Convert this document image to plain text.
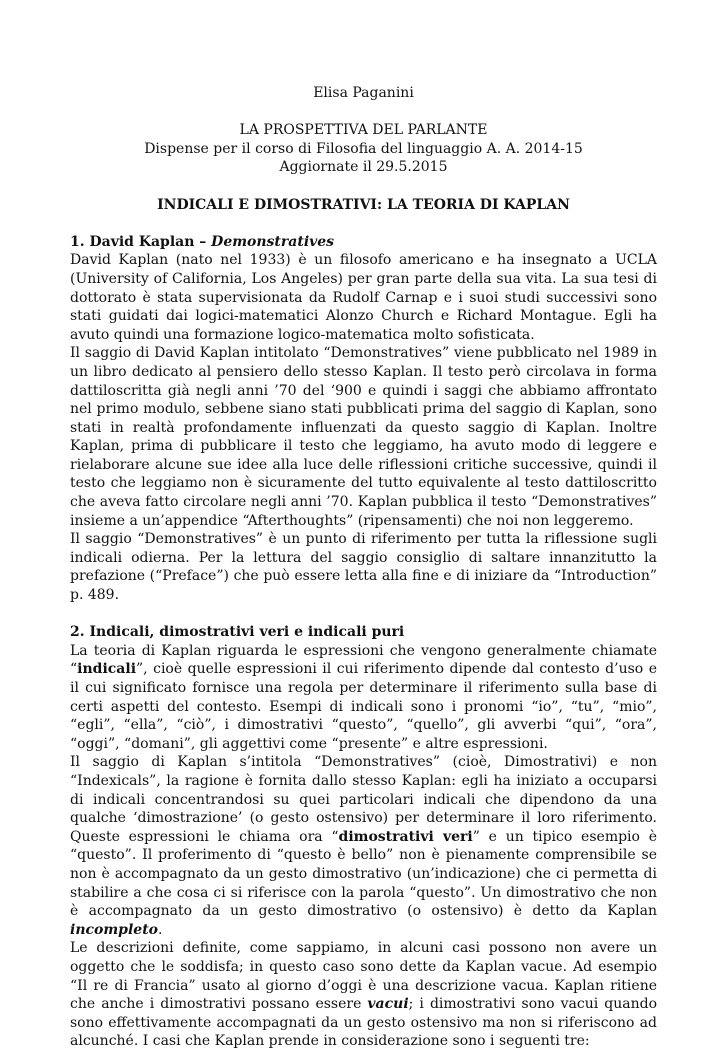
Elisa Paganini
LA PROSPETTIVA DEL PARLANTE
Dispense per il corso di Filosofia del linguaggio A. A. 2014-15
Aggiornate il 29.5.2015
INDICALI E DIMOSTRATIVI: LA TEORIA DI KAPLAN
1. David Kaplan – Demonstratives

David Kaplan (nato nel 1933) è un filosofo americano e ha insegnato a UCLA (University of California, Los Angeles) per gran parte della sua vita. La sua tesi di dottorato è stata supervisionata da Rudolf Carnap e i suoi studi successivi sono stati guidati dai logici-matematici Alonzo Church e Richard Montague. Egli ha avuto quindi una formazione logico-matematica molto sofisticata.

Il saggio di David Kaplan intitolato “Demonstratives” viene pubblicato nel 1989 in un libro dedicato al pensiero dello stesso Kaplan. Il testo però circolava in forma dattiloscritta già negli anni ’70 del ‘900 e quindi i saggi che abbiamo affrontato nel primo modulo, sebbene siano stati pubblicati prima del saggio di Kaplan, sono stati in realtà profondamente influenzati da questo saggio di Kaplan. Inoltre Kaplan, prima di pubblicare il testo che leggiamo, ha avuto modo di leggere e rielaborare alcune sue idee alla luce delle riflessioni critiche successive, quindi il testo che leggiamo non è sicuramente del tutto equivalente al testo dattiloscritto che aveva fatto circolare negli anni ’70. Kaplan pubblica il testo “Demonstratives” insieme a un’appendice “Afterthoughts” (ripensamenti) che noi non leggeremo.

Il saggio “Demonstratives” è un punto di riferimento per tutta la riflessione sugli indicali odierna. Per la lettura del saggio consiglio di saltare innanzitutto la prefazione (“Preface”) che può essere letta alla fine e di iniziare da “Introduction” p. 489.

2. Indicali, dimostrativi veri e indicali puri

La teoria di Kaplan riguarda le espressioni che vengono generalmente chiamate “indicali”, cioè quelle espressioni il cui riferimento dipende dal contesto d’uso e il cui significato fornisce una regola per determinare il riferimento sulla base di certi aspetti del contesto. Esempi di indicali sono i pronomi “io”, “tu”, “mio”, “egli”, “ella”, “ciò”, i dimostrativi “questo”, “quello”, gli avverbi “qui”, “ora”, “oggi”, “domani”, gli aggettivi come “presente” e altre espressioni.

Il saggio di Kaplan s’intitola “Demonstratives” (cioè, Dimostrativi) e non “Indexicals”, la ragione è fornita dallo stesso Kaplan: egli ha iniziato a occuparsi di indicali concentrandosi su quei particolari indicali che dipendono da una qualche ‘dimostrazione’ (o gesto ostensivo) per determinare il loro riferimento. Queste espressioni le chiama ora “dimostrativi veri” e un tipico esempio è “questo”. Il proferimento di “questo è bello” non è pienamente comprensibile se non è accompagnato da un gesto dimostrativo (un’indicazione) che ci permetta di stabilire a che cosa ci si riferisce con la parola “questo”. Un dimostrativo che non è accompagnato da un gesto dimostrativo (o ostensivo) è detto da Kaplan incompleto.

Le descrizioni definite, come sappiamo, in alcuni casi possono non avere un oggetto che le soddisfa; in questo caso sono dette da Kaplan vacue. Ad esempio “Il re di Francia” usato al giorno d’oggi è una descrizione vacua. Kaplan ritiene che anche i dimostrativi possano essere vacui; i dimostrativi sono vacui quando sono effettivamente accompagnati da un gesto ostensivo ma non si riferiscono ad alcunché. I casi che Kaplan prende in considerazione sono i seguenti tre:
